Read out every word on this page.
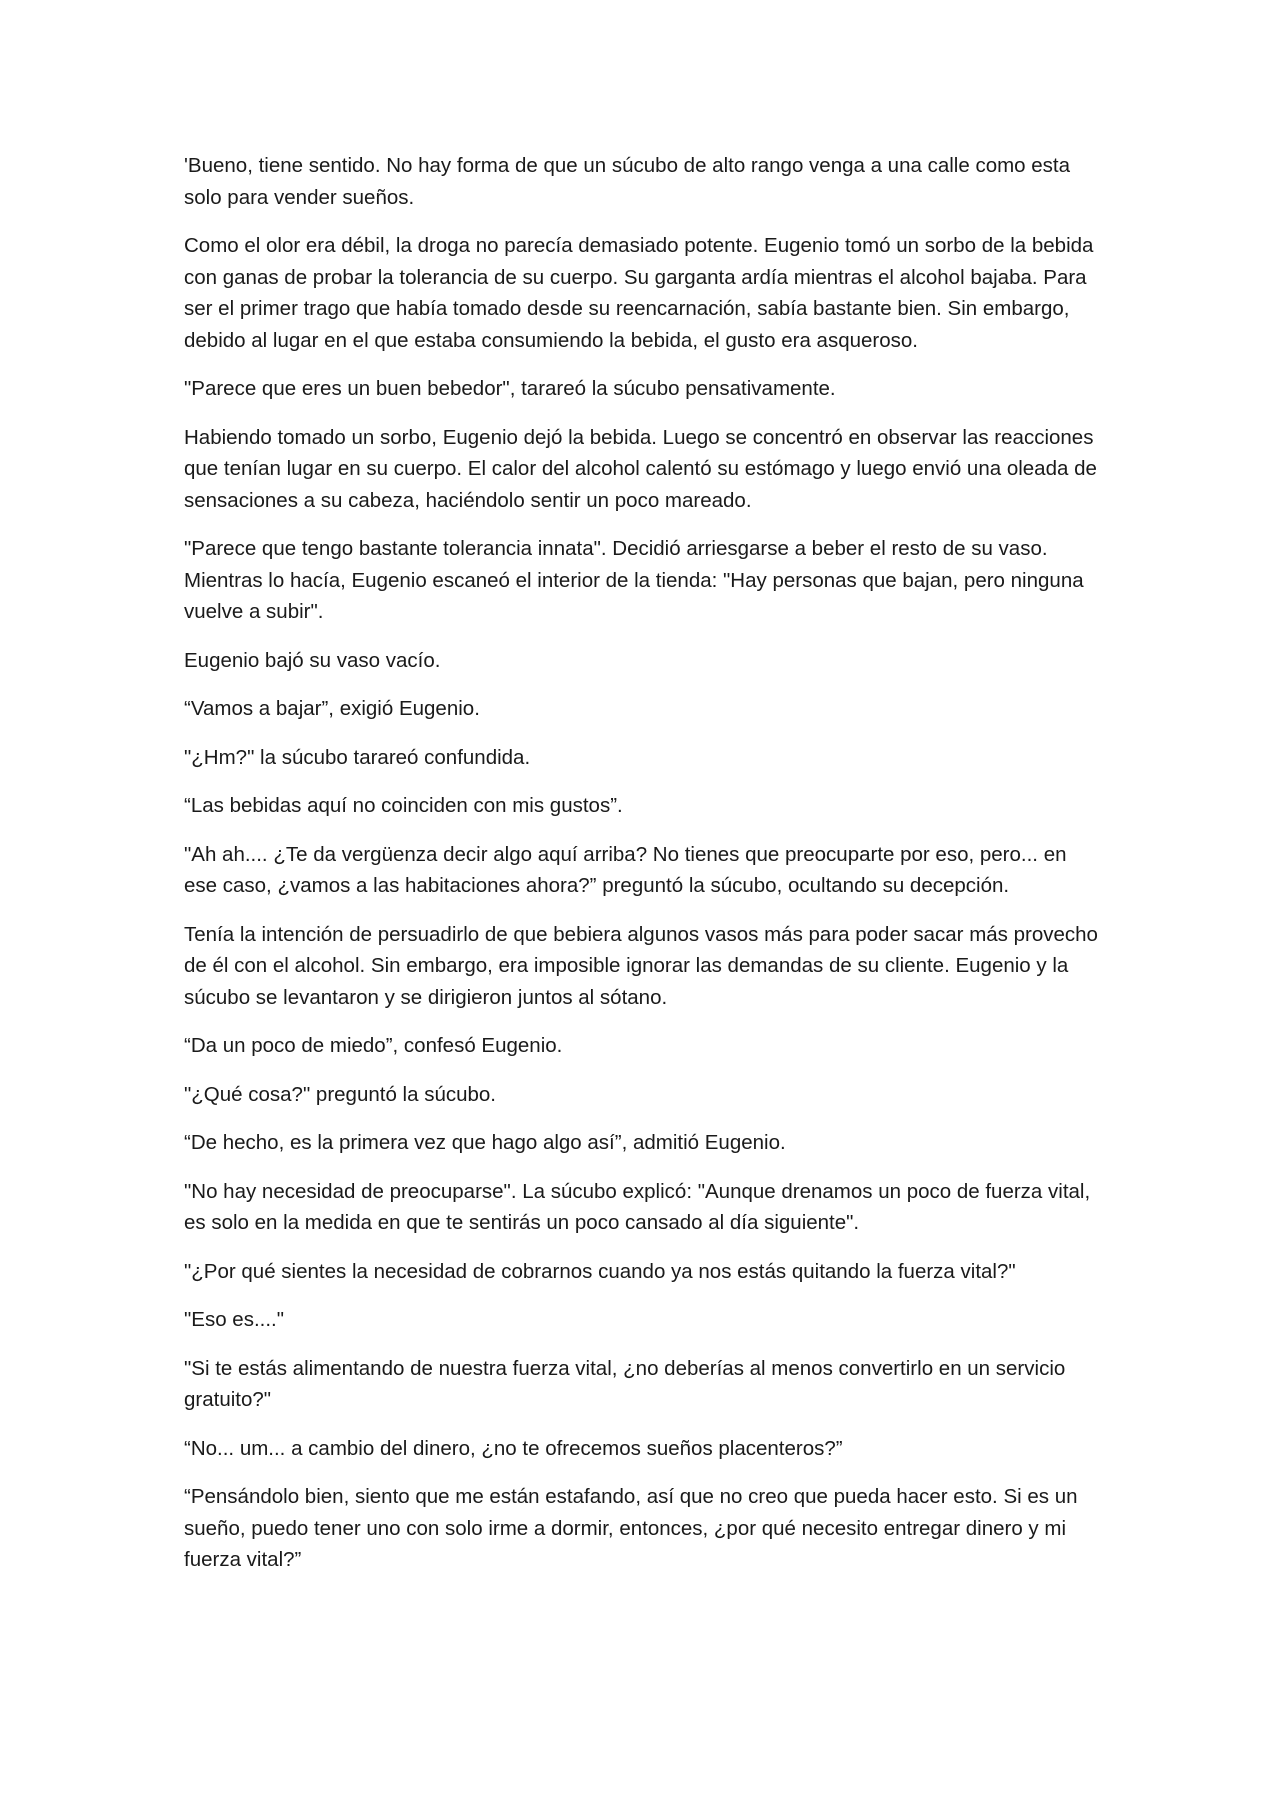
'Bueno, tiene sentido. No hay forma de que un súcubo de alto rango venga a una calle como esta solo para vender sueños.

Como el olor era débil, la droga no parecía demasiado potente. Eugenio tomó un sorbo de la bebida con ganas de probar la tolerancia de su cuerpo. Su garganta ardía mientras el alcohol bajaba. Para ser el primer trago que había tomado desde su reencarnación, sabía bastante bien. Sin embargo, debido al lugar en el que estaba consumiendo la bebida, el gusto era asqueroso.

"Parece que eres un buen bebedor", tarareó la súcubo pensativamente.

Habiendo tomado un sorbo, Eugenio dejó la bebida. Luego se concentró en observar las reacciones que tenían lugar en su cuerpo. El calor del alcohol calentó su estómago y luego envió una oleada de sensaciones a su cabeza, haciéndolo sentir un poco mareado.

"Parece que tengo bastante tolerancia innata". Decidió arriesgarse a beber el resto de su vaso. Mientras lo hacía, Eugenio escaneó el interior de la tienda: "Hay personas que bajan, pero ninguna vuelve a subir".

Eugenio bajó su vaso vacío.

“Vamos a bajar”, exigió Eugenio.

"¿Hm?" la súcubo tarareó confundida.

“Las bebidas aquí no coinciden con mis gustos”.

"Ah ah.... ¿Te da vergüenza decir algo aquí arriba? No tienes que preocuparte por eso, pero... en ese caso, ¿vamos a las habitaciones ahora?” preguntó la súcubo, ocultando su decepción.

Tenía la intención de persuadirlo de que bebiera algunos vasos más para poder sacar más provecho de él con el alcohol. Sin embargo, era imposible ignorar las demandas de su cliente. Eugenio y la súcubo se levantaron y se dirigieron juntos al sótano.

“Da un poco de miedo”, confesó Eugenio.

"¿Qué cosa?" preguntó la súcubo.

“De hecho, es la primera vez que hago algo así”, admitió Eugenio.

"No hay necesidad de preocuparse". La súcubo explicó: "Aunque drenamos un poco de fuerza vital, es solo en la medida en que te sentirás un poco cansado al día siguiente".

"¿Por qué sientes la necesidad de cobrarnos cuando ya nos estás quitando la fuerza vital?"

"Eso es...."

"Si te estás alimentando de nuestra fuerza vital, ¿no deberías al menos convertirlo en un servicio gratuito?"

“No... um... a cambio del dinero, ¿no te ofrecemos sueños placenteros?”

“Pensándolo bien, siento que me están estafando, así que no creo que pueda hacer esto. Si es un sueño, puedo tener uno con solo irme a dormir, entonces, ¿por qué necesito entregar dinero y mi fuerza vital?”
